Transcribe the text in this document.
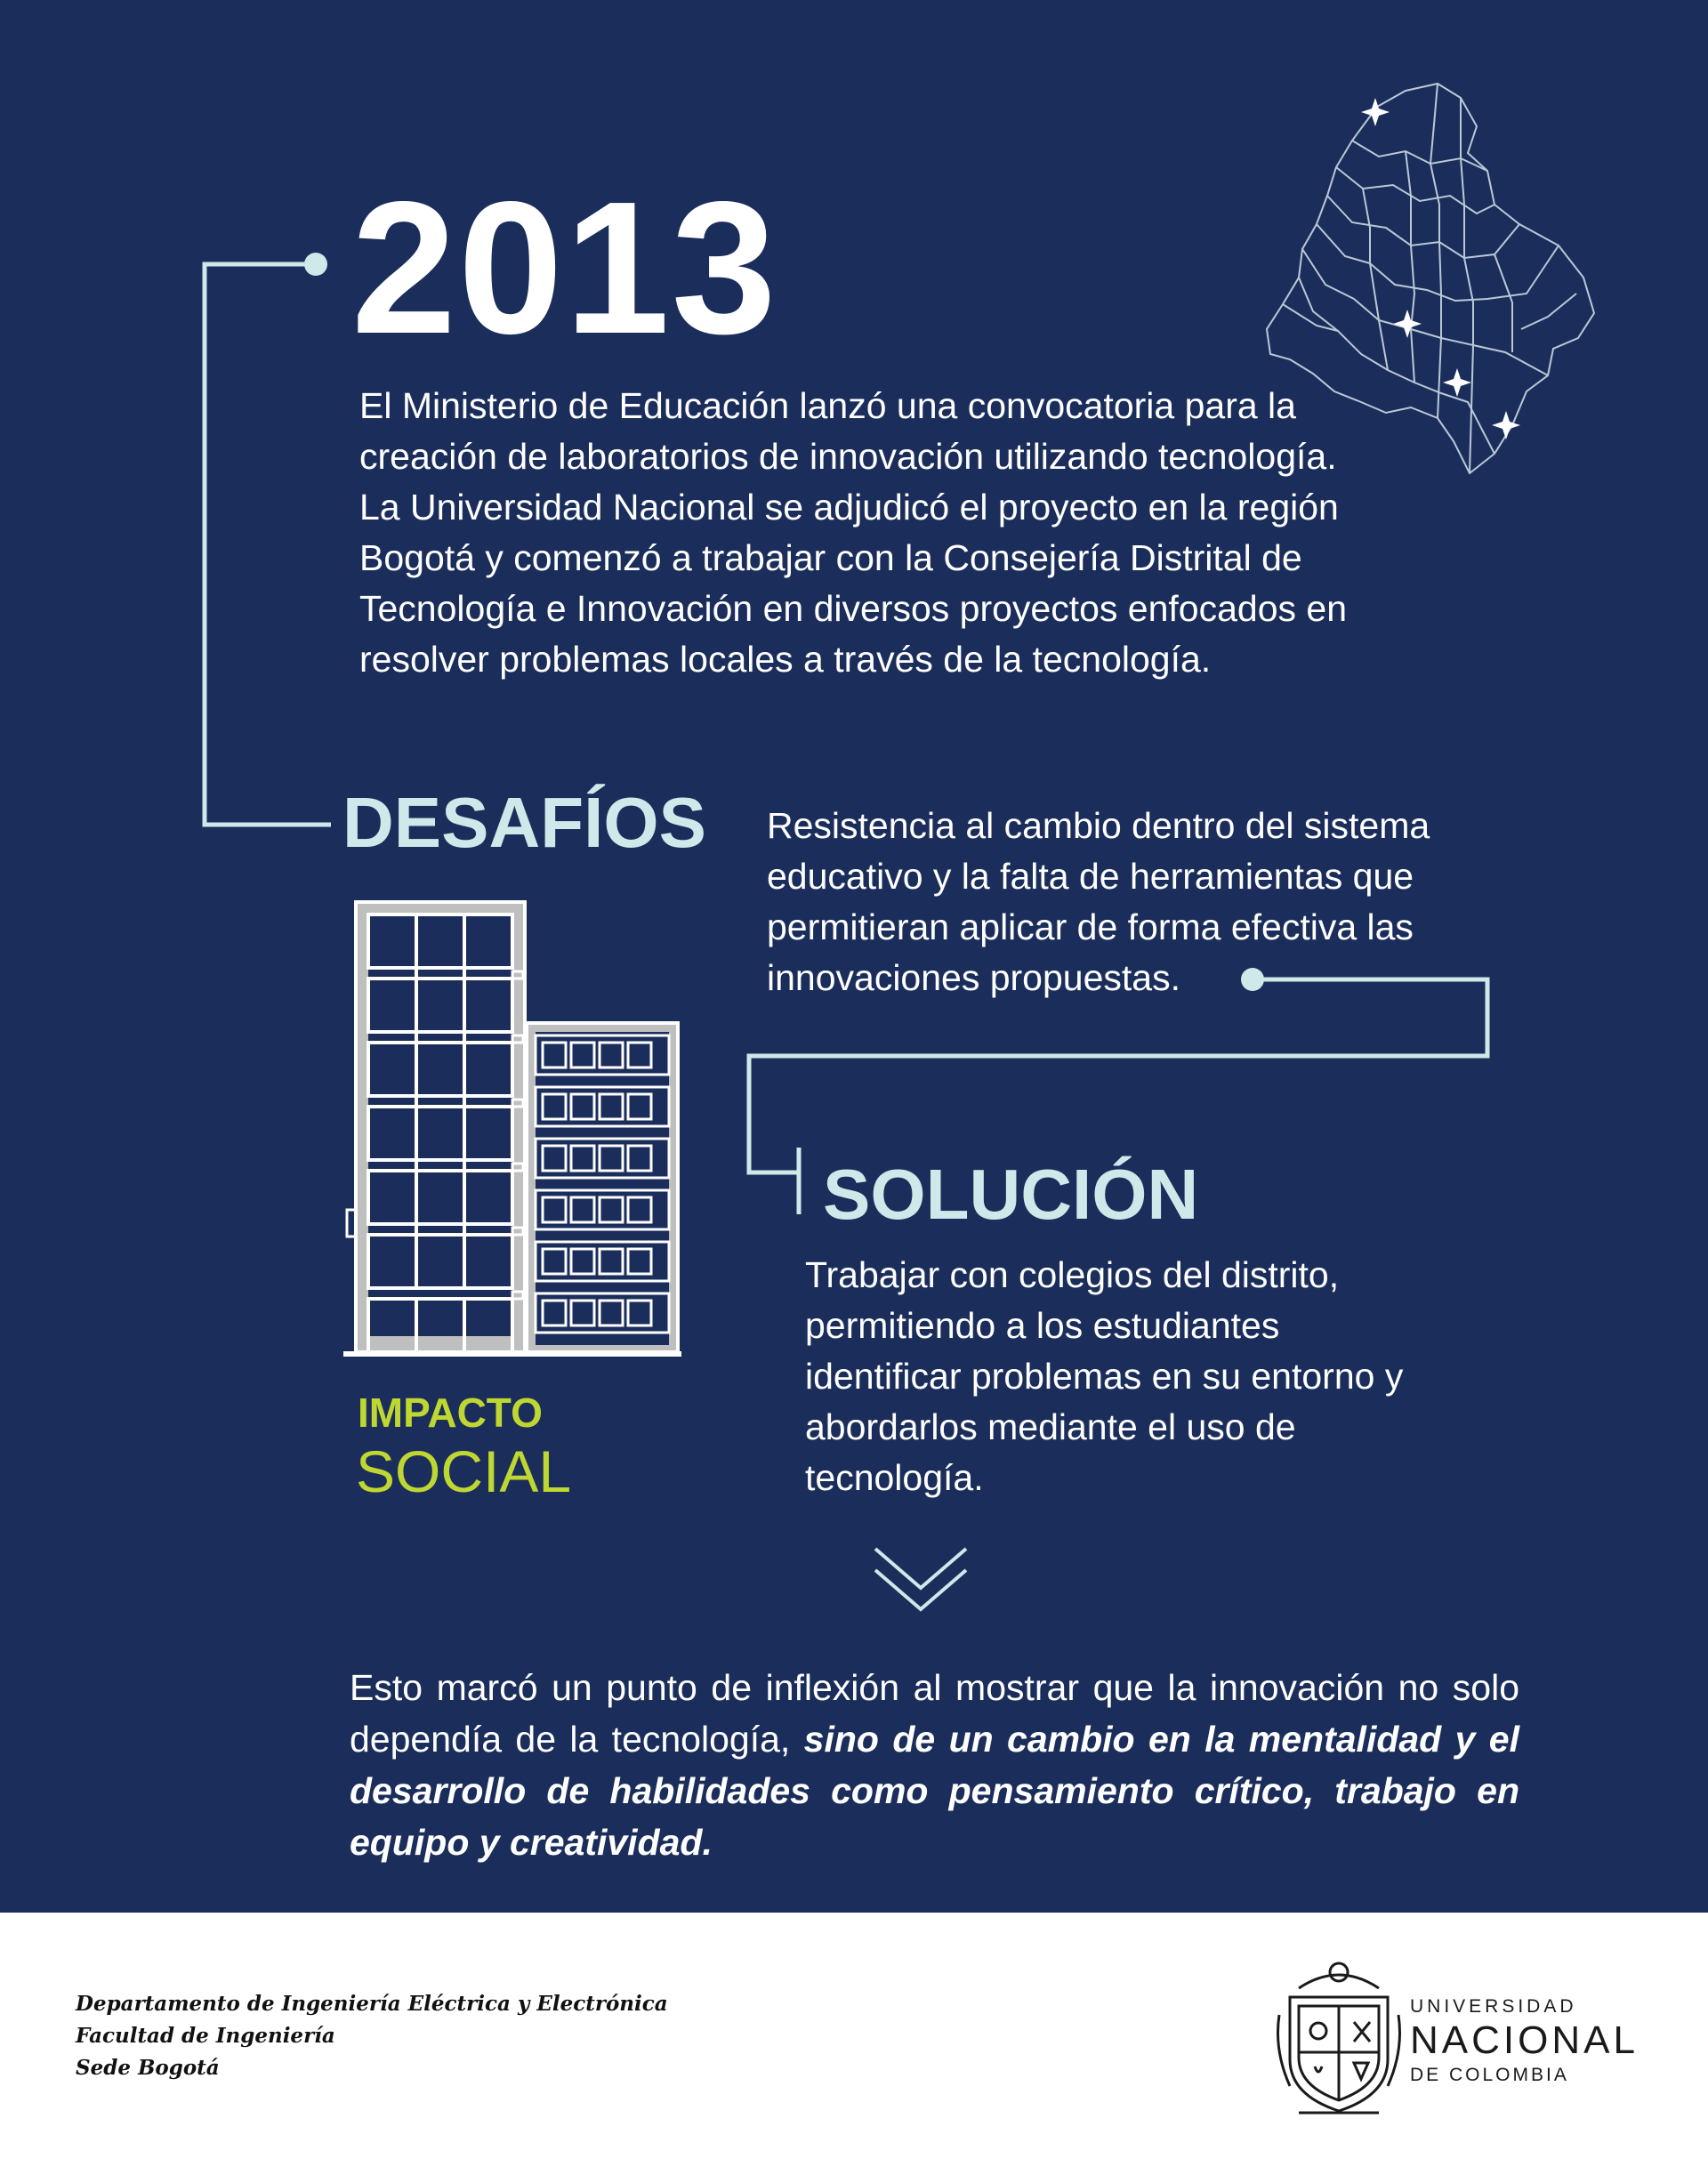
2013
El Ministerio de Educación lanzó una convocatoria para la
creación de laboratorios de innovación utilizando tecnología.
La Universidad Nacional se adjudicó el proyecto en la región
Bogotá y comenzó a trabajar con la Consejería Distrital de
Tecnología e Innovación en diversos proyectos enfocados en
resolver problemas locales a través de la tecnología.
DESAFÍOS Resistencia al cambio dentro del sistema
educativo y la falta de herramientas que
permitieran aplicar de forma efectiva las
innovaciones propuestas.
IMPACTO
SOCIAL
SOLUCIÓN
Trabajar con colegios del distrito,
permitiendo a los estudiantes
identificar problemas en su entorno y
abordarlos mediante el uso de
tecnología.
Esto marcó un punto de inflexión al mostrar que la innovación no solo dependía de la tecnología, sino de un cambio en la mentalidad y el desarrollo de habilidades como pensamiento crítico, trabajo en equipo y creatividad.
Departamento de Ingeniería Eléctrica y Electrónica
Facultad de Ingeniería
Sede Bogotá
UNIVERSIDAD
NACIONAL
DE COLOMBIA
